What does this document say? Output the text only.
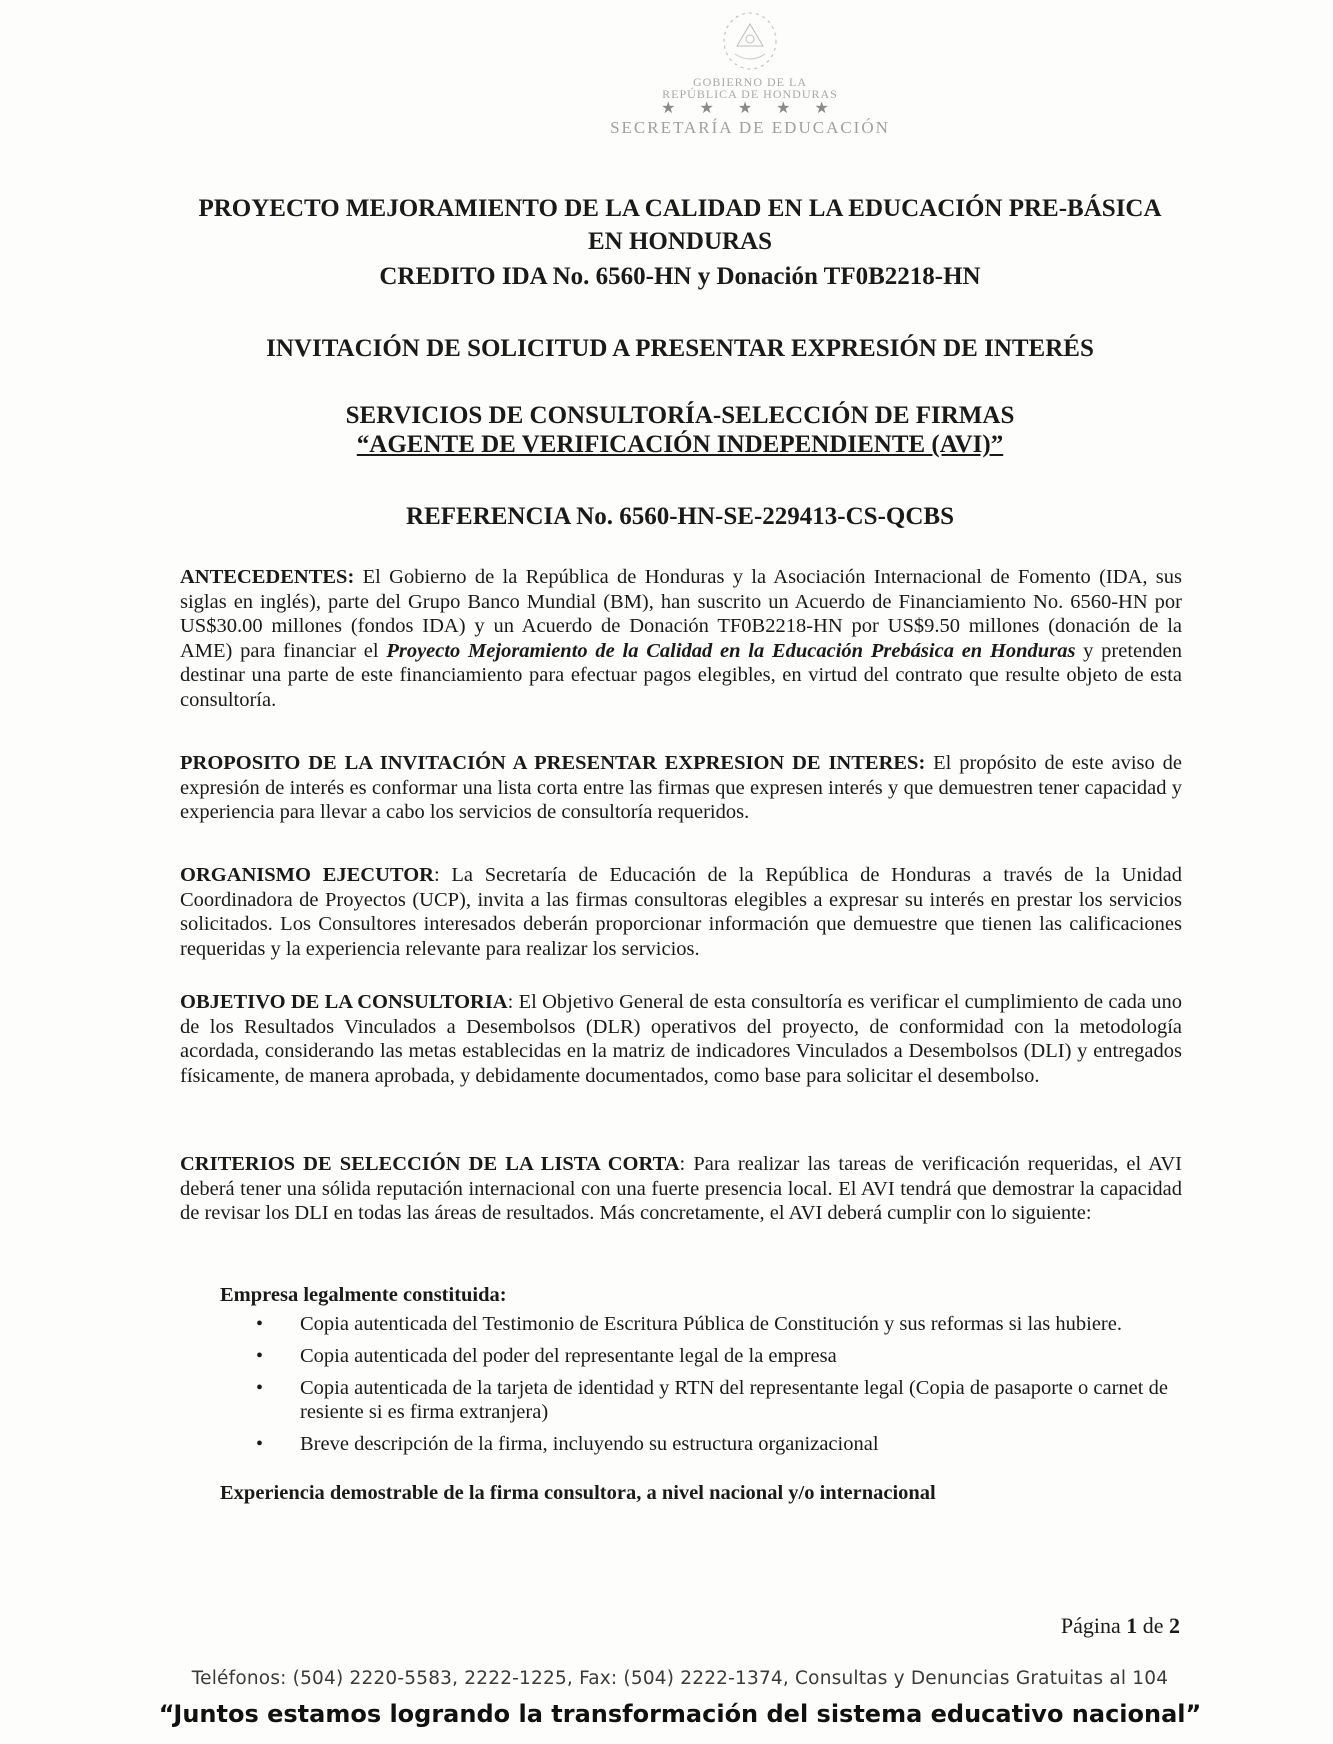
GOBIERNO DE LA
REPÚBLICA DE HONDURAS
★ ★ ★ ★ ★
SECRETARÍA DE EDUCACIÓN
PROYECTO MEJORAMIENTO DE LA CALIDAD EN LA EDUCACIÓN PRE-BÁSICA
EN HONDURAS
CREDITO IDA No. 6560-HN y Donación TF0B2218-HN
INVITACIÓN DE SOLICITUD A PRESENTAR EXPRESIÓN DE INTERÉS
SERVICIOS DE CONSULTORÍA-SELECCIÓN DE FIRMAS
“AGENTE DE VERIFICACIÓN INDEPENDIENTE (AVI)”
REFERENCIA No. 6560-HN-SE-229413-CS-QCBS
ANTECEDENTES: El Gobierno de la República de Honduras y la Asociación Internacional de Fomento (IDA, sus siglas en inglés), parte del Grupo Banco Mundial (BM), han suscrito un Acuerdo de Financiamiento No. 6560-HN por US$30.00 millones (fondos IDA) y un Acuerdo de Donación TF0B2218-HN por US$9.50 millones (donación de la AME) para financiar el Proyecto Mejoramiento de la Calidad en la Educación Prebásica en Honduras y pretenden destinar una parte de este financiamiento para efectuar pagos elegibles, en virtud del contrato que resulte objeto de esta consultoría.
PROPOSITO DE LA INVITACIÓN A PRESENTAR EXPRESION DE INTERES: El propósito de este aviso de expresión de interés es conformar una lista corta entre las firmas que expresen interés y que demuestren tener capacidad y experiencia para llevar a cabo los servicios de consultoría requeridos.
ORGANISMO EJECUTOR: La Secretaría de Educación de la República de Honduras a través de la Unidad Coordinadora de Proyectos (UCP), invita a las firmas consultoras elegibles a expresar su interés en prestar los servicios solicitados. Los Consultores interesados deberán proporcionar información que demuestre que tienen las calificaciones requeridas y la experiencia relevante para realizar los servicios.
OBJETIVO DE LA CONSULTORIA: El Objetivo General de esta consultoría es verificar el cumplimiento de cada uno de los Resultados Vinculados a Desembolsos (DLR) operativos del proyecto, de conformidad con la metodología acordada, considerando las metas establecidas en la matriz de indicadores Vinculados a Desembolsos (DLI) y entregados físicamente, de manera aprobada, y debidamente documentados, como base para solicitar el desembolso.
CRITERIOS DE SELECCIÓN DE LA LISTA CORTA: Para realizar las tareas de verificación requeridas, el AVI deberá tener una sólida reputación internacional con una fuerte presencia local. El AVI tendrá que demostrar la capacidad de revisar los DLI en todas las áreas de resultados. Más concretamente, el AVI deberá cumplir con lo siguiente:
Empresa legalmente constituida:
• Copia autenticada del Testimonio de Escritura Pública de Constitución y sus reformas si las hubiere.
• Copia autenticada del poder del representante legal de la empresa
• Copia autenticada de la tarjeta de identidad y RTN del representante legal (Copia de pasaporte o carnet de resiente si es firma extranjera)
• Breve descripción de la firma, incluyendo su estructura organizacional
Experiencia demostrable de la firma consultora, a nivel nacional y/o internacional
Página 1 de 2
Teléfonos: (504) 2220-5583, 2222-1225, Fax: (504) 2222-1374, Consultas y Denuncias Gratuitas al 104
“Juntos estamos logrando la transformación del sistema educativo nacional”
